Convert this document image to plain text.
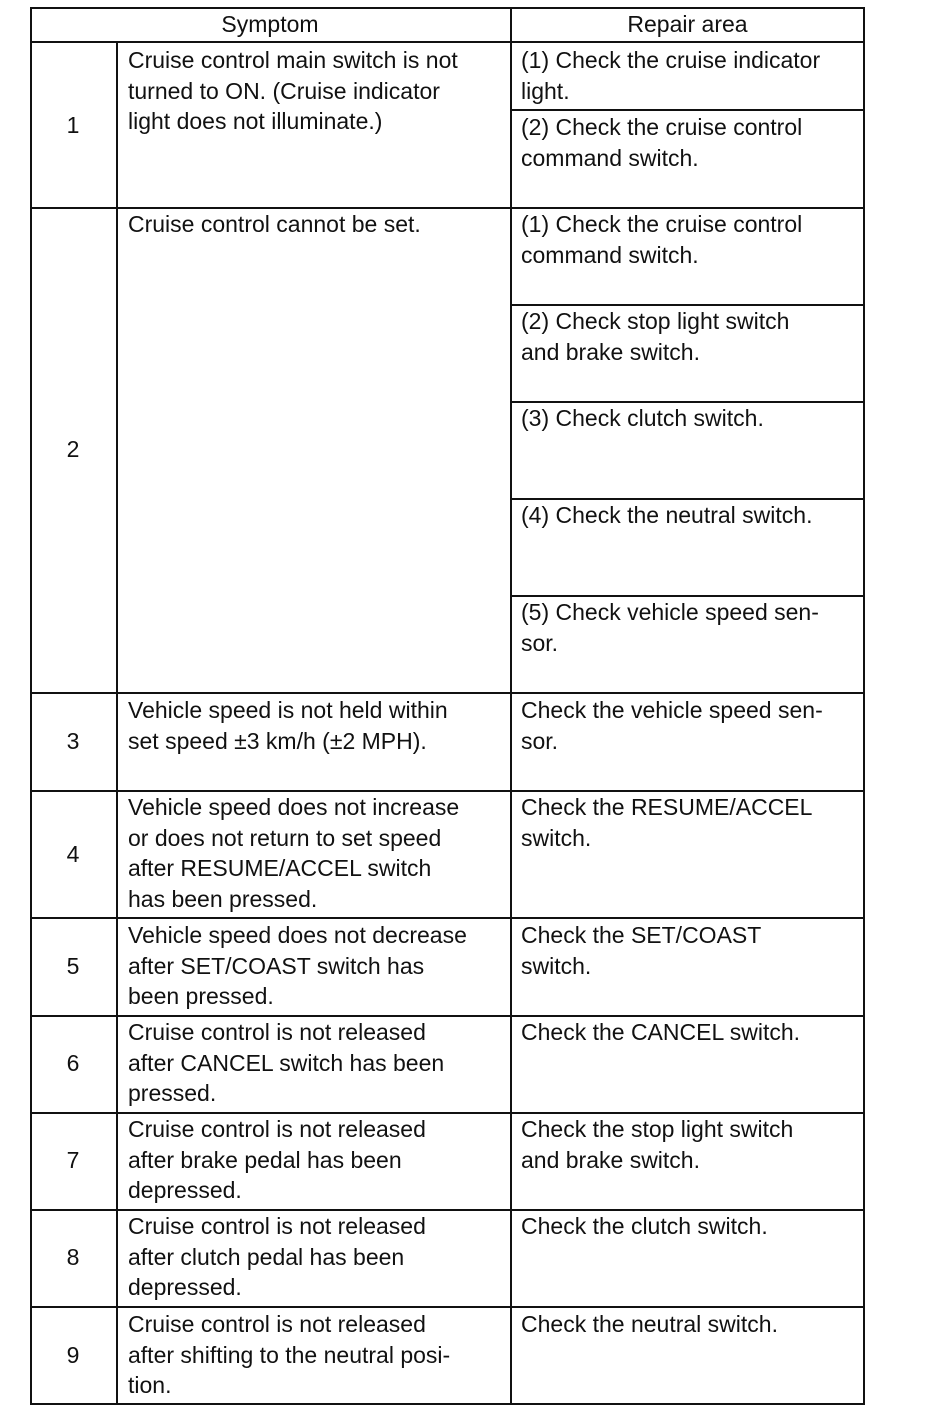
Symptom	Repair area
1
Cruise control main switch is not
turned to ON. (Cruise indicator
light does not illuminate.)
(1) Check the cruise indicator
light.
(2) Check the cruise control
command switch.
2
Cruise control cannot be set.	(1) Check the cruise control
command switch.
(2) Check stop light switch
and brake switch.
(3) Check clutch switch.
(4) Check the neutral switch.
(5) Check vehicle speed sen-
sor.
3
Vehicle speed is not held within
set speed ±3 km/h (±2 MPH).
Check the vehicle speed sen-
sor.
4
Vehicle speed does not increase
or does not return to set speed
after RESUME/ACCEL switch
has been pressed.
Check the RESUME/ACCEL
switch.
5
Vehicle speed does not decrease
after SET/COAST switch has
been pressed.
Check the SET/COAST
switch.
6
Cruise control is not released
after CANCEL switch has been
pressed.
Check the CANCEL switch.
7
Cruise control is not released
after brake pedal has been
depressed.
Check the stop light switch
and brake switch.
8
Cruise control is not released
after clutch pedal has been
depressed.
Check the clutch switch.
9
Cruise control is not released
after shifting to the neutral posi-
tion.
Check the neutral switch.
